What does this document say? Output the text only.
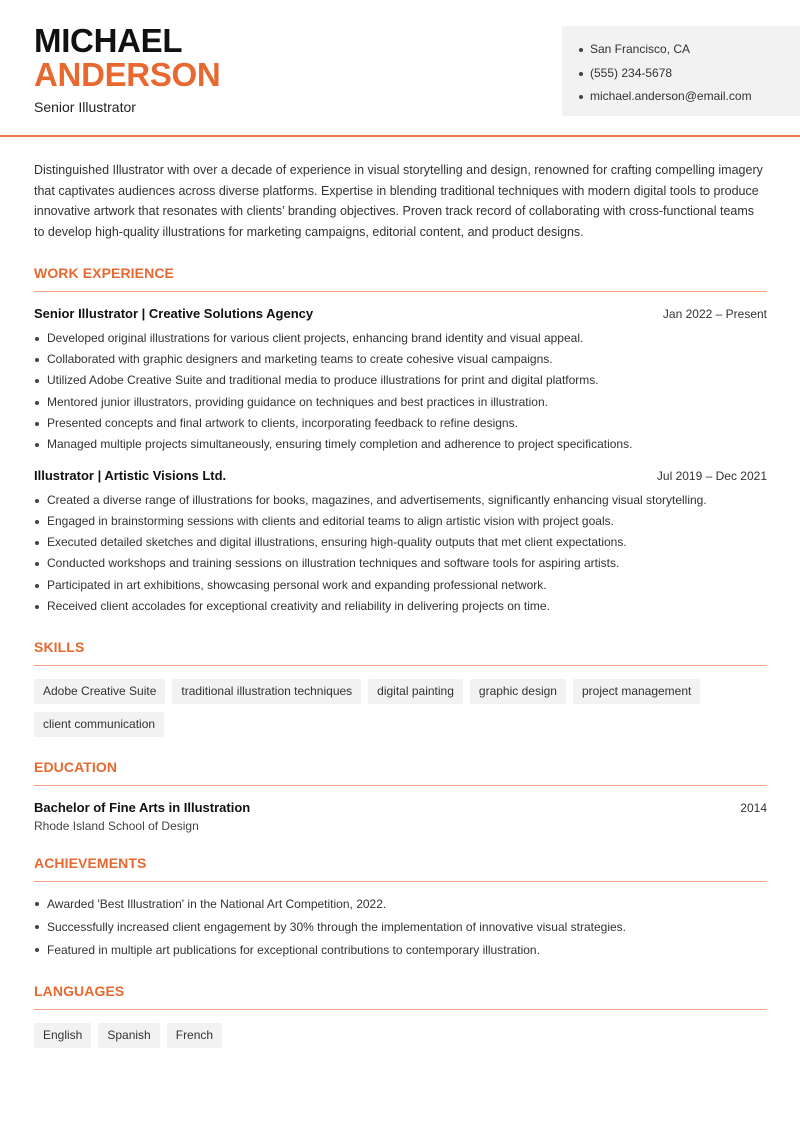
MICHAEL
ANDERSON
Senior Illustrator
San Francisco, CA
(555) 234-5678
michael.anderson@email.com

Distinguished Illustrator with over a decade of experience in visual storytelling and design, renowned for crafting compelling imagery that captivates audiences across diverse platforms. Expertise in blending traditional techniques with modern digital tools to produce innovative artwork that resonates with clients’ branding objectives. Proven track record of collaborating with cross-functional teams to develop high-quality illustrations for marketing campaigns, editorial content, and product designs.

WORK EXPERIENCE
Senior Illustrator | Creative Solutions Agency	Jan 2022 – Present
Developed original illustrations for various client projects, enhancing brand identity and visual appeal.
Collaborated with graphic designers and marketing teams to create cohesive visual campaigns.
Utilized Adobe Creative Suite and traditional media to produce illustrations for print and digital platforms.
Mentored junior illustrators, providing guidance on techniques and best practices in illustration.
Presented concepts and final artwork to clients, incorporating feedback to refine designs.
Managed multiple projects simultaneously, ensuring timely completion and adherence to project specifications.
Illustrator | Artistic Visions Ltd.	Jul 2019 – Dec 2021
Created a diverse range of illustrations for books, magazines, and advertisements, significantly enhancing visual storytelling.
Engaged in brainstorming sessions with clients and editorial teams to align artistic vision with project goals.
Executed detailed sketches and digital illustrations, ensuring high-quality outputs that met client expectations.
Conducted workshops and training sessions on illustration techniques and software tools for aspiring artists.
Participated in art exhibitions, showcasing personal work and expanding professional network.
Received client accolades for exceptional creativity and reliability in delivering projects on time.
SKILLS
Adobe Creative Suite	traditional illustration techniques	digital painting	graphic design	project management
client communication
EDUCATION
Bachelor of Fine Arts in Illustration	2014
Rhode Island School of Design
ACHIEVEMENTS
Awarded 'Best Illustration' in the National Art Competition, 2022.
Successfully increased client engagement by 30% through the implementation of innovative visual strategies.
Featured in multiple art publications for exceptional contributions to contemporary illustration.
LANGUAGES
English	Spanish	French
